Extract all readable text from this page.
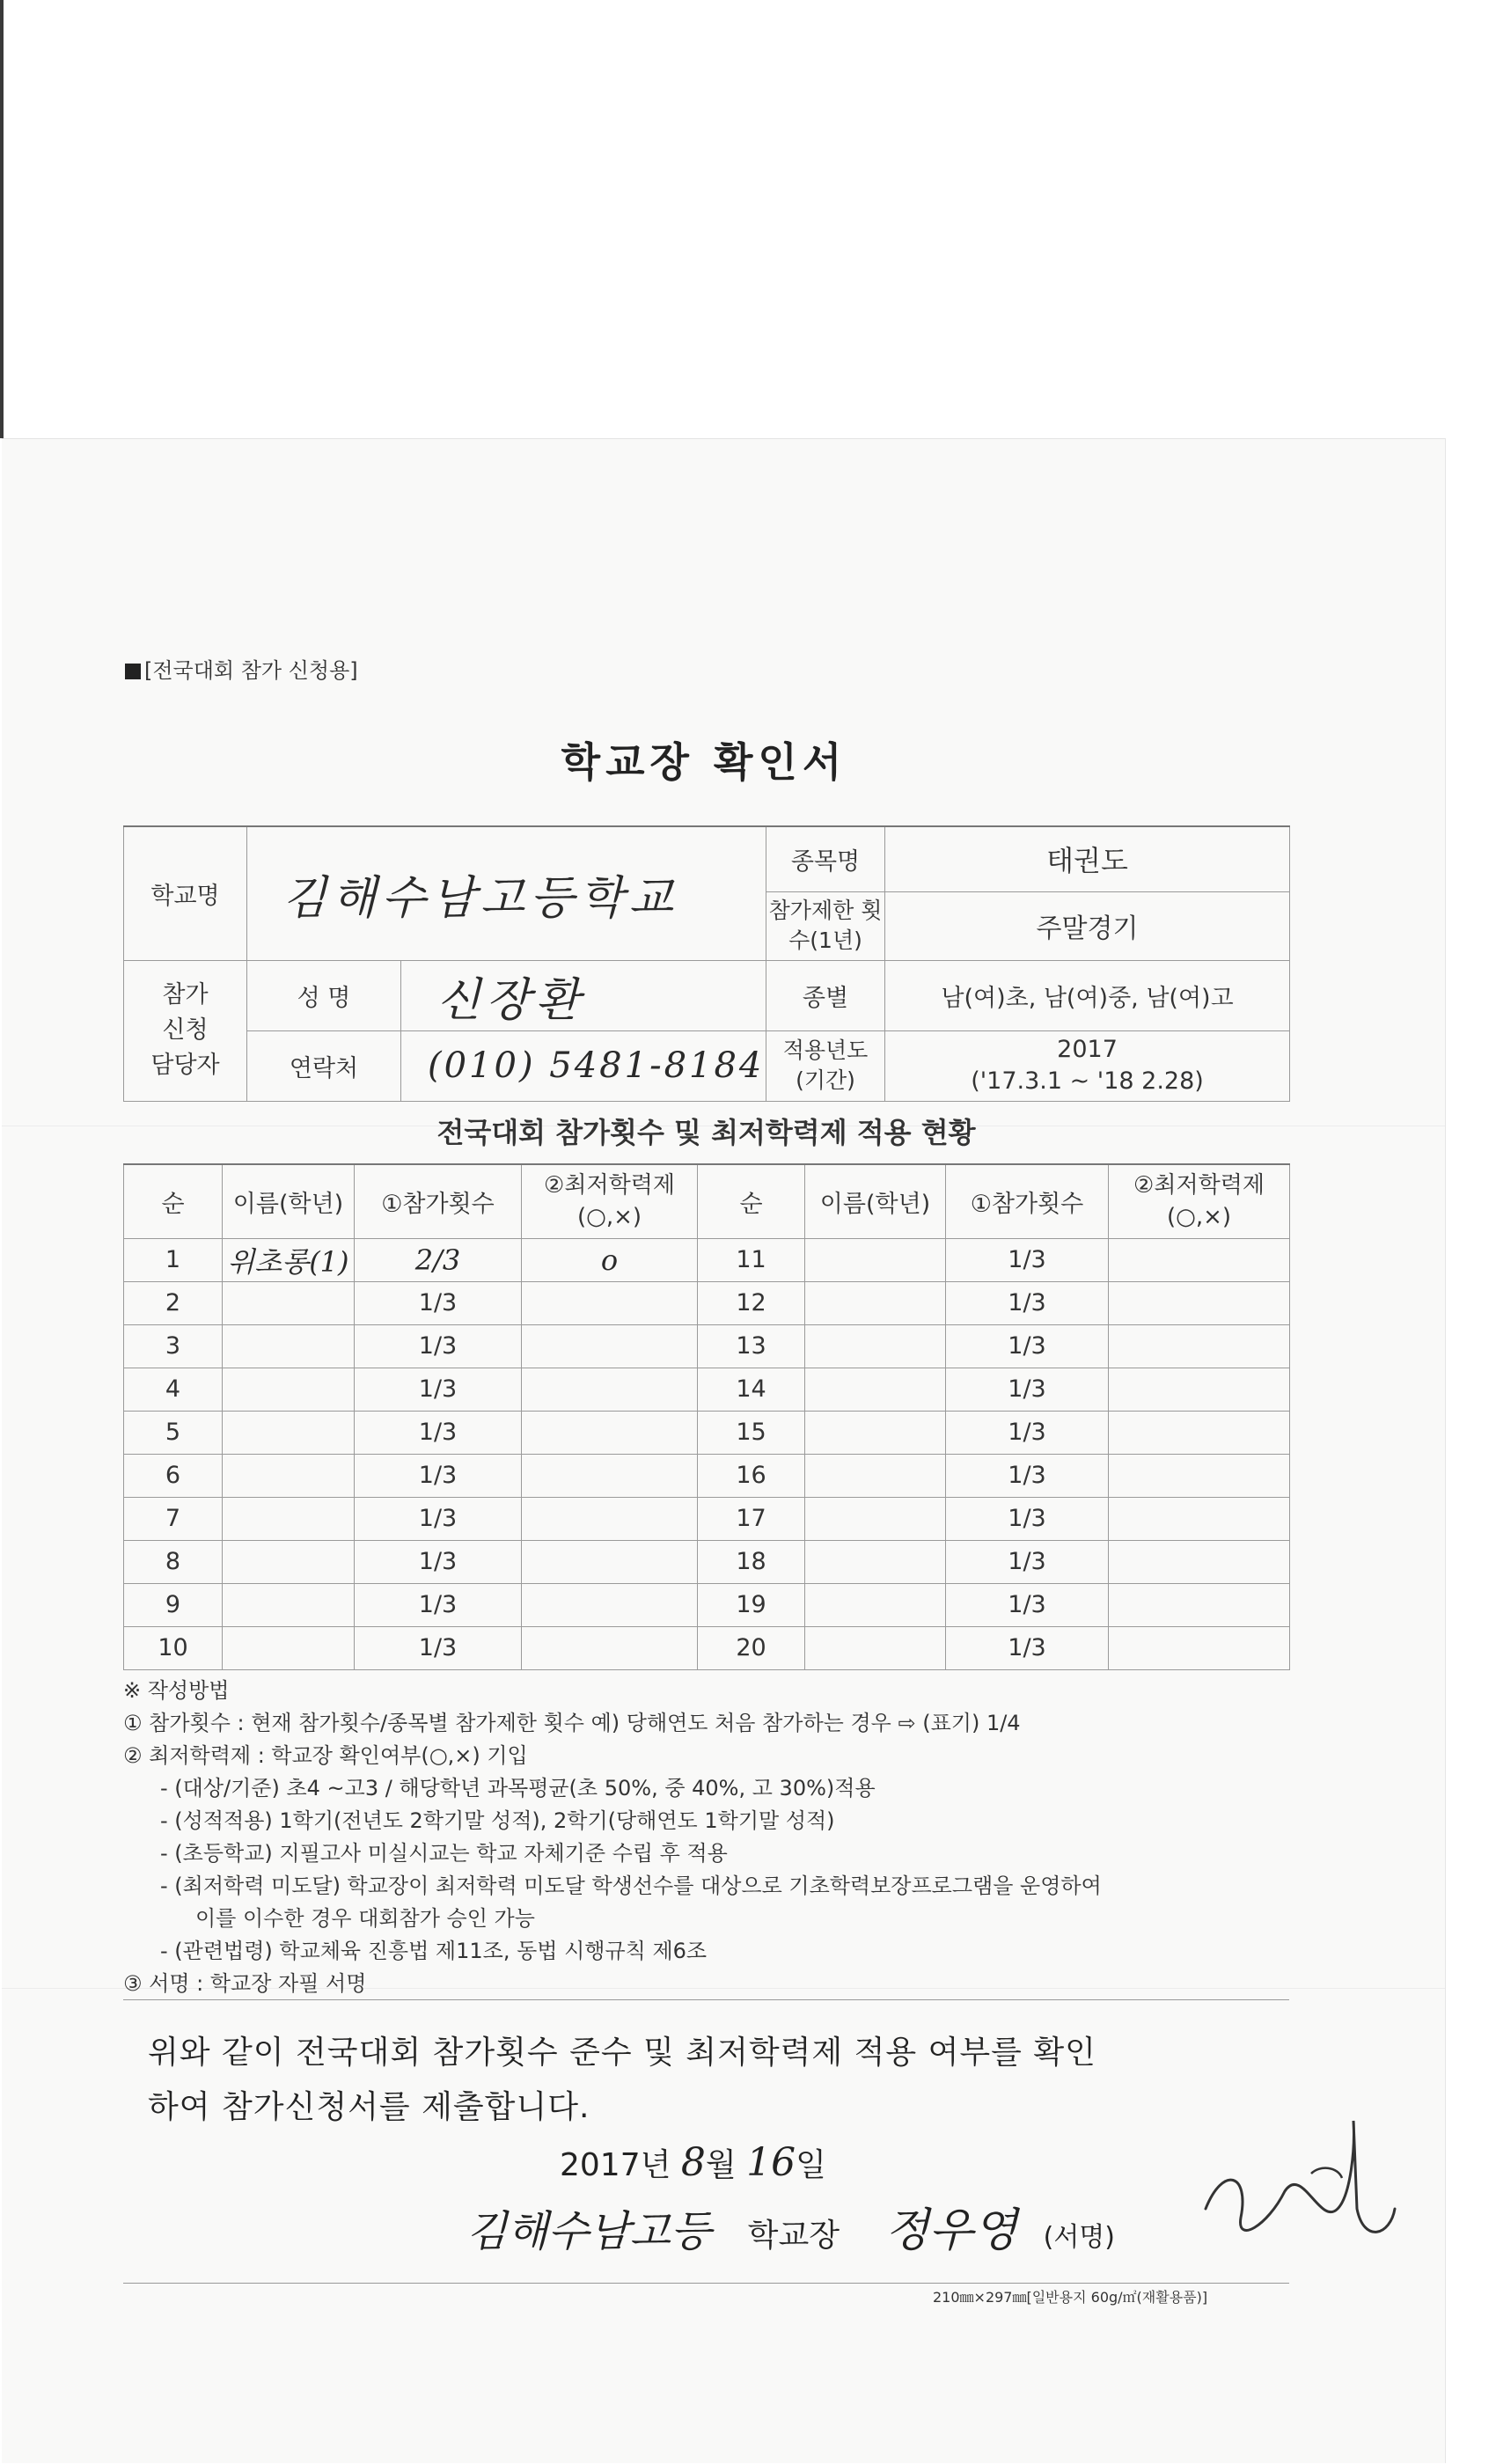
[전국대회 참가 신청용]
학교장 확인서
학교명	김해수남고등학교		종목명	태권도
			참가제한 횟수(1년)	주말경기
참가 신청 담당자	성 명	신장환	종별	남(여)초, 남(여)중, 남(여)고
	연락처	(010) 5481-8184	적용년도 (기간)	2017
('17.3.1 ~ '18 2.28)
전국대회 참가횟수 및 최저학력제 적용 현황
순	이름(학년)	①참가횟수	②최저학력제 (○,×)	순	이름(학년)	①참가횟수	②최저학력제 (○,×)
1	위초롱(1)	2/3	o	11		1/3	
2		1/3		12		1/3	
3		1/3		13		1/3	
4		1/3		14		1/3	
5		1/3		15		1/3	
6		1/3		16		1/3	
7		1/3		17		1/3	
8		1/3		18		1/3	
9		1/3		19		1/3	
10		1/3		20		1/3	
※ 작성방법
① 참가횟수 : 현재 참가횟수/종목별 참가제한 횟수 예) 당해연도 처음 참가하는 경우 ⇨ (표기) 1/4
② 최저학력제 : 학교장 확인여부(○,×) 기입
- (대상/기준) 초4 ~고3 / 해당학년 과목평균(초 50%, 중 40%, 고 30%)적용
- (성적적용) 1학기(전년도 2학기말 성적), 2학기(당해연도 1학기말 성적)
- (초등학교) 지필고사 미실시교는 학교 자체기준 수립 후 적용
- (최저학력 미도달) 학교장이 최저학력 미도달 학생선수를 대상으로 기초학력보장프로그램을 운영하여
이를 이수한 경우 대회참가 승인 가능
- (관련법령) 학교체육 진흥법 제11조, 동법 시행규칙 제6조
③ 서명 : 학교장 자필 서명
위와 같이 전국대회 참가횟수 준수 및 최저학력제 적용 여부를 확인
하여 참가신청서를 제출합니다.
2017년 8월 16일
김해수남고등 학교장 정우영 (서명)
210㎜×297㎜[일반용지 60g/㎡(재활용품)]
